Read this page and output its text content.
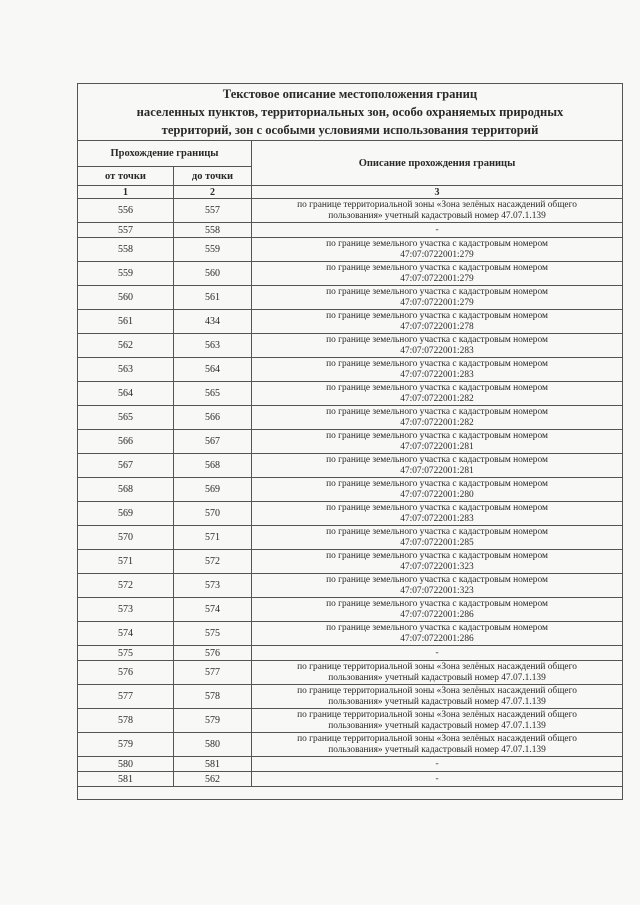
Текстовое описание местоположения границ
населенных пунктов, территориальных зон, особо охраняемых природных
территорий, зон с особыми условиями использования территорий		

Прохождение границы		Описание прохождения границы
от точки	до точки	
1	2	3
556	557	по границе территориальной зоны «Зона зелёных насаждений общего
пользования» учетный кадастровый номер 47.07.1.139

557	558	-

558	559	по границе земельного участка с кадастровым номером
47:07:0722001:279

559	560	по границе земельного участка с кадастровым номером
47:07:0722001:279

560	561	по границе земельного участка с кадастровым номером
47:07:0722001:279

561	434	по границе земельного участка с кадастровым номером
47:07:0722001:278

562	563	по границе земельного участка с кадастровым номером
47:07:0722001:283

563	564	по границе земельного участка с кадастровым номером
47:07:0722001:283

564	565	по границе земельного участка с кадастровым номером
47:07:0722001:282

565	566	по границе земельного участка с кадастровым номером
47:07:0722001:282

566	567	по границе земельного участка с кадастровым номером
47:07:0722001:281

567	568	по границе земельного участка с кадастровым номером
47:07:0722001:281

568	569	по границе земельного участка с кадастровым номером
47:07:0722001:280

569	570	по границе земельного участка с кадастровым номером
47:07:0722001:283

570	571	по границе земельного участка с кадастровым номером
47:07:0722001:285

571	572	по границе земельного участка с кадастровым номером
47:07:0722001:323

572	573	по границе земельного участка с кадастровым номером
47:07:0722001:323

573	574	по границе земельного участка с кадастровым номером
47:07:0722001:286

574	575	по границе земельного участка с кадастровым номером
47:07:0722001:286

575	576	-

576	577	по границе территориальной зоны «Зона зелёных насаждений общего
пользования» учетный кадастровый номер 47.07.1.139

577	578	по границе территориальной зоны «Зона зелёных насаждений общего
пользования» учетный кадастровый номер 47.07.1.139

578	579	по границе территориальной зоны «Зона зелёных насаждений общего
пользования» учетный кадастровый номер 47.07.1.139

579	580	по границе территориальной зоны «Зона зелёных насаждений общего
пользования» учетный кадастровый номер 47.07.1.139

580	581	-

581	562	-
